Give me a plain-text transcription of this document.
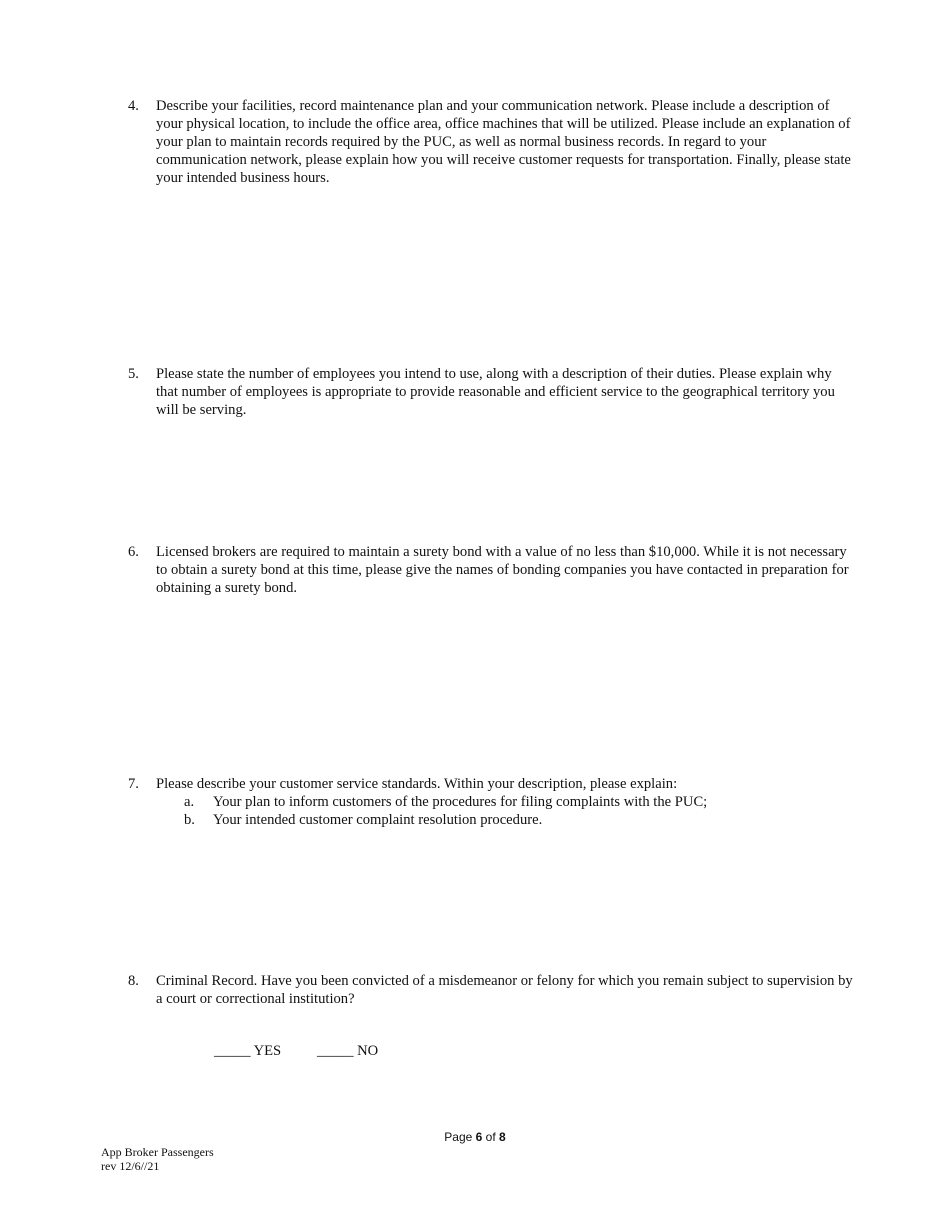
4. Describe your facilities, record maintenance plan and your communication network. Please include a description of your physical location, to include the office area, office machines that will be utilized. Please include an explanation of your plan to maintain records required by the PUC, as well as normal business records. In regard to your communication network, please explain how you will receive customer requests for transportation. Finally, please state your intended business hours.
5. Please state the number of employees you intend to use, along with a description of their duties. Please explain why that number of employees is appropriate to provide reasonable and efficient service to the geographical territory you will be serving.
6. Licensed brokers are required to maintain a surety bond with a value of no less than $10,000. While it is not necessary to obtain a surety bond at this time, please give the names of bonding companies you have contacted in preparation for obtaining a surety bond.
7. Please describe your customer service standards. Within your description, please explain:
a. Your plan to inform customers of the procedures for filing complaints with the PUC;
b. Your intended customer complaint resolution procedure.
8. Criminal Record. Have you been convicted of a misdemeanor or felony for which you remain subject to supervision by a court or correctional institution?
_____ YES _____ NO
Page 6 of 8
App Broker Passengers
rev 12/6//21
